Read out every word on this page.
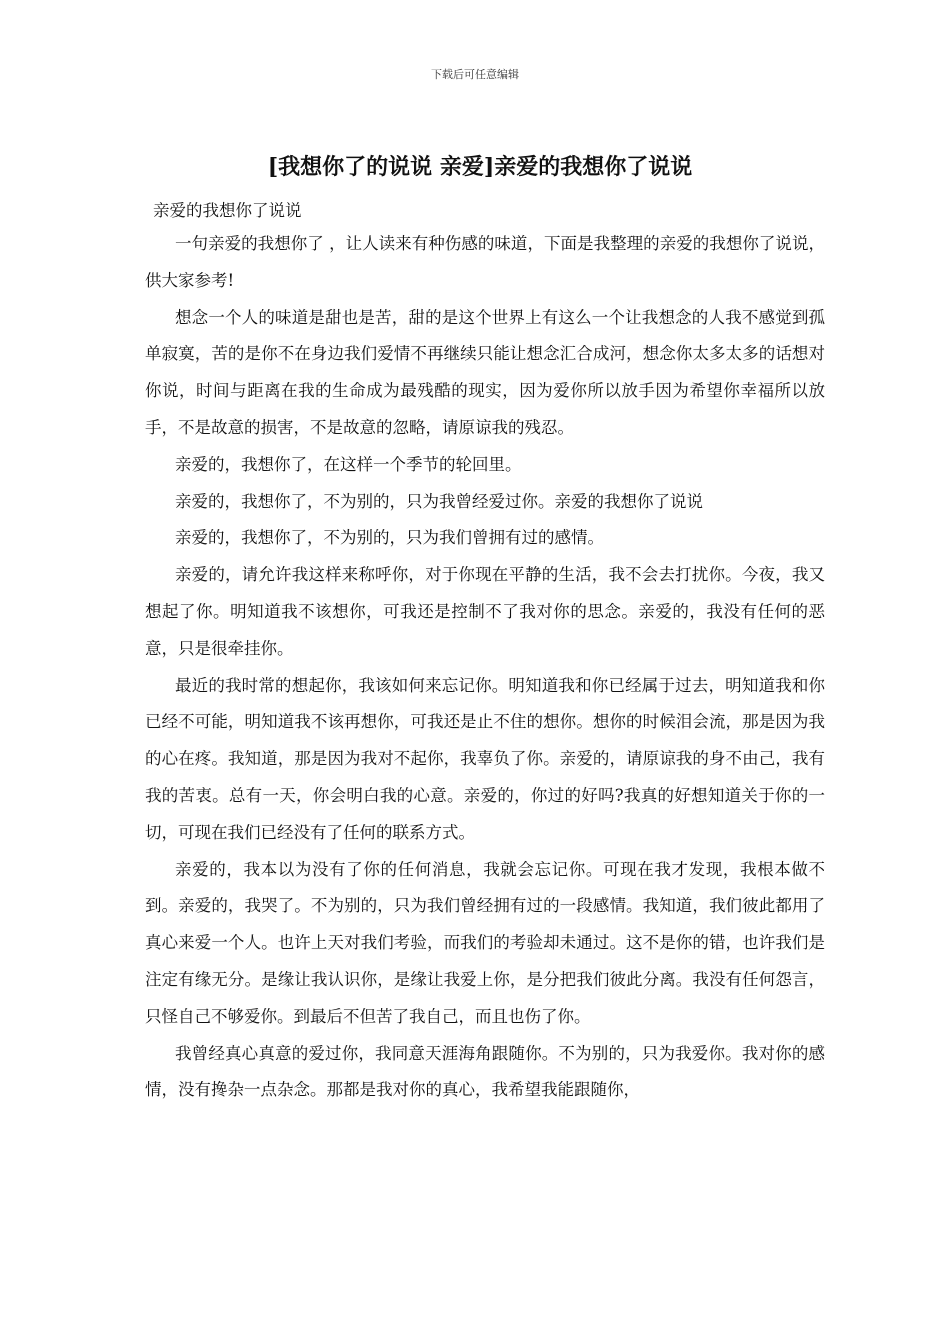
下载后可任意编辑
[我想你了的说说 亲爱]亲爱的我想你了说说

亲爱的我想你了说说

一句亲爱的我想你了 ，让人读来有种伤感的味道，下面是我整理的亲爱的我想你了说说，供大家参考!

想念一个人的味道是甜也是苦，甜的是这个世界上有这么一个让我想念的人我不感觉到孤单寂寞，苦的是你不在身边我们爱情不再继续只能让想念汇合成河，想念你太多太多的话想对你说，时间与距离在我的生命成为最残酷的现实，因为爱你所以放手因为希望你幸福所以放手，不是故意的损害，不是故意的忽略，请原谅我的残忍。

亲爱的，我想你了，在这样一个季节的轮回里。

亲爱的，我想你了，不为别的，只为我曾经爱过你。亲爱的我想你了说说

亲爱的，我想你了，不为别的，只为我们曾拥有过的感情。

亲爱的，请允许我这样来称呼你，对于你现在平静的生活，我不会去打扰你。今夜，我又想起了你。明知道我不该想你，可我还是控制不了我对你的思念。亲爱的，我没有任何的恶意，只是很牵挂你。

最近的我时常的想起你，我该如何来忘记你。明知道我和你已经属于过去，明知道我和你已经不可能，明知道我不该再想你，可我还是止不住的想你。想你的时候泪会流，那是因为我的心在疼。我知道，那是因为我对不起你，我辜负了你。亲爱的，请原谅我的身不由己，我有我的苦衷。总有一天，你会明白我的心意。亲爱的，你过的好吗?我真的好想知道关于你的一切，可现在我们已经没有了任何的联系方式。

亲爱的，我本以为没有了你的任何消息，我就会忘记你。可现在我才发现，我根本做不到。亲爱的，我哭了。不为别的，只为我们曾经拥有过的一段感情。我知道，我们彼此都用了真心来爱一个人。也许上天对我们考验，而我们的考验却未通过。这不是你的错，也许我们是注定有缘无分。是缘让我认识你，是缘让我爱上你，是分把我们彼此分离。我没有任何怨言，只怪自己不够爱你。到最后不但苦了我自己，而且也伤了你。

我曾经真心真意的爱过你，我同意天涯海角跟随你。不为别的，只为我爱你。我对你的感情，没有搀杂一点杂念。那都是我对你的真心，我希望我能跟随你，
